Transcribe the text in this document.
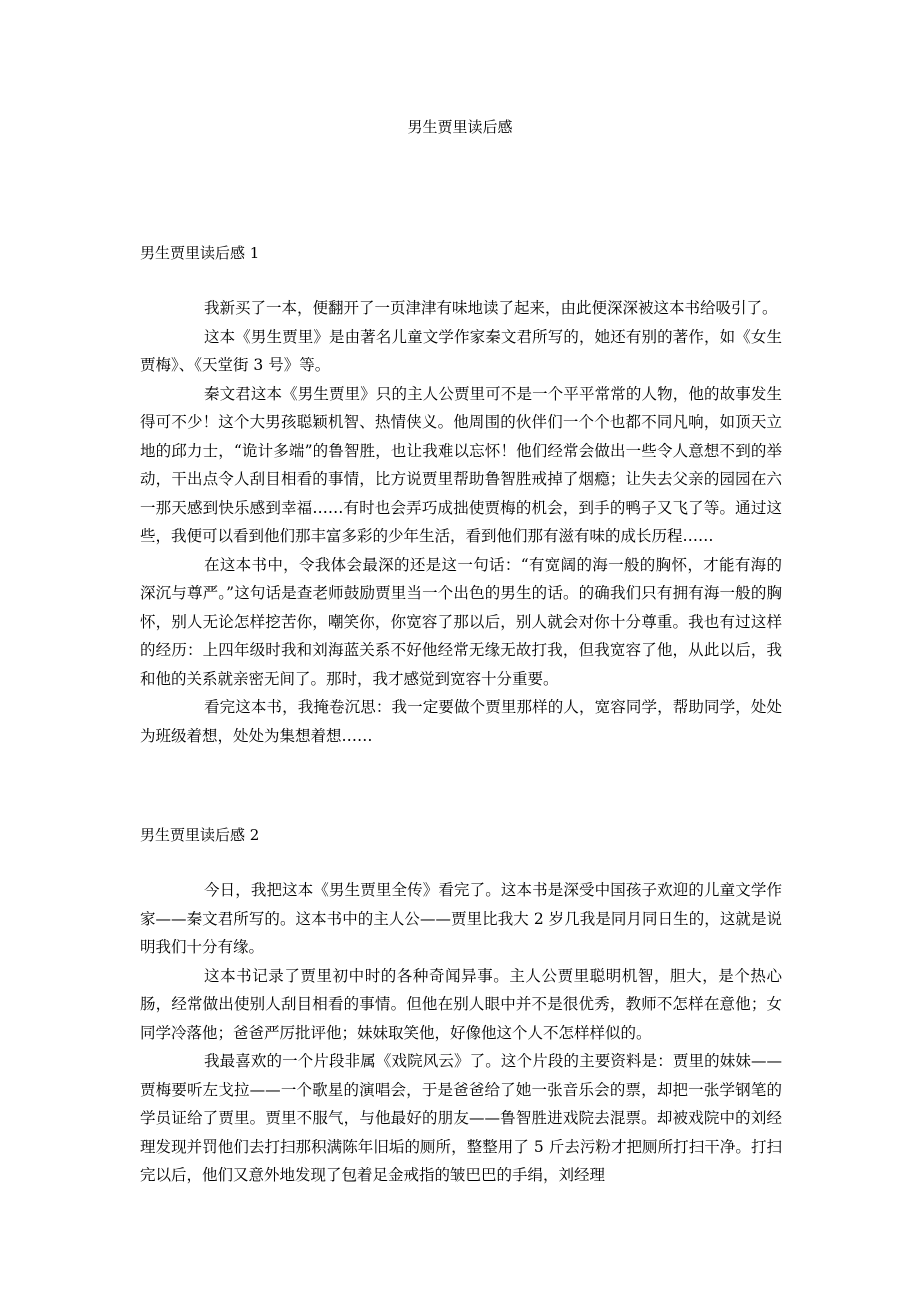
男生贾里读后感

男生贾里读后感 1

我新买了一本，便翻开了一页津津有味地读了起来，由此便深深被这本书给吸引了。

这本《男生贾里》是由著名儿童文学作家秦文君所写的，她还有别的著作，如《女生贾梅》、《天堂街 3 号》等。

秦文君这本《男生贾里》只的主人公贾里可不是一个平平常常的人物，他的故事发生得可不少！这个大男孩聪颖机智、热情侠义。他周围的伙伴们一个个也都不同凡响，如顶天立地的邱力士，“诡计多端”的鲁智胜，也让我难以忘怀！他们经常会做出一些令人意想不到的举动，干出点令人刮目相看的事情，比方说贾里帮助鲁智胜戒掉了烟瘾；让失去父亲的园园在六一那天感到快乐感到幸福……有时也会弄巧成拙使贾梅的机会，到手的鸭子又飞了等。通过这些，我便可以看到他们那丰富多彩的少年生活，看到他们那有滋有味的成长历程……

在这本书中，令我体会最深的还是这一句话：“有宽阔的海一般的胸怀，才能有海的深沉与尊严。”这句话是查老师鼓励贾里当一个出色的男生的话。的确我们只有拥有海一般的胸怀，别人无论怎样挖苦你，嘲笑你，你宽容了那以后，别人就会对你十分尊重。我也有过这样的经历：上四年级时我和刘海蓝关系不好他经常无缘无故打我，但我宽容了他，从此以后，我和他的关系就亲密无间了。那时，我才感觉到宽容十分重要。

看完这本书，我掩卷沉思：我一定要做个贾里那样的人，宽容同学，帮助同学，处处为班级着想，处处为集想着想……

男生贾里读后感 2

今日，我把这本《男生贾里全传》看完了。这本书是深受中国孩子欢迎的儿童文学作家——秦文君所写的。这本书中的主人公——贾里比我大 2 岁几我是同月同日生的，这就是说明我们十分有缘。

这本书记录了贾里初中时的各种奇闻异事。主人公贾里聪明机智，胆大，是个热心肠，经常做出使别人刮目相看的事情。但他在别人眼中并不是很优秀，教师不怎样在意他；女同学冷落他；爸爸严厉批评他；妹妹取笑他，好像他这个人不怎样样似的。

我最喜欢的一个片段非属《戏院风云》了。这个片段的主要资料是：贾里的妹妹——贾梅要听左戈拉——一个歌星的演唱会，于是爸爸给了她一张音乐会的票，却把一张学钢笔的学员证给了贾里。贾里不服气，与他最好的朋友——鲁智胜进戏院去混票。却被戏院中的刘经理发现并罚他们去打扫那积满陈年旧垢的厕所，整整用了 5 斤去污粉才把厕所打扫干净。打扫完以后，他们又意外地发现了包着足金戒指的皱巴巴的手绢，刘经理
